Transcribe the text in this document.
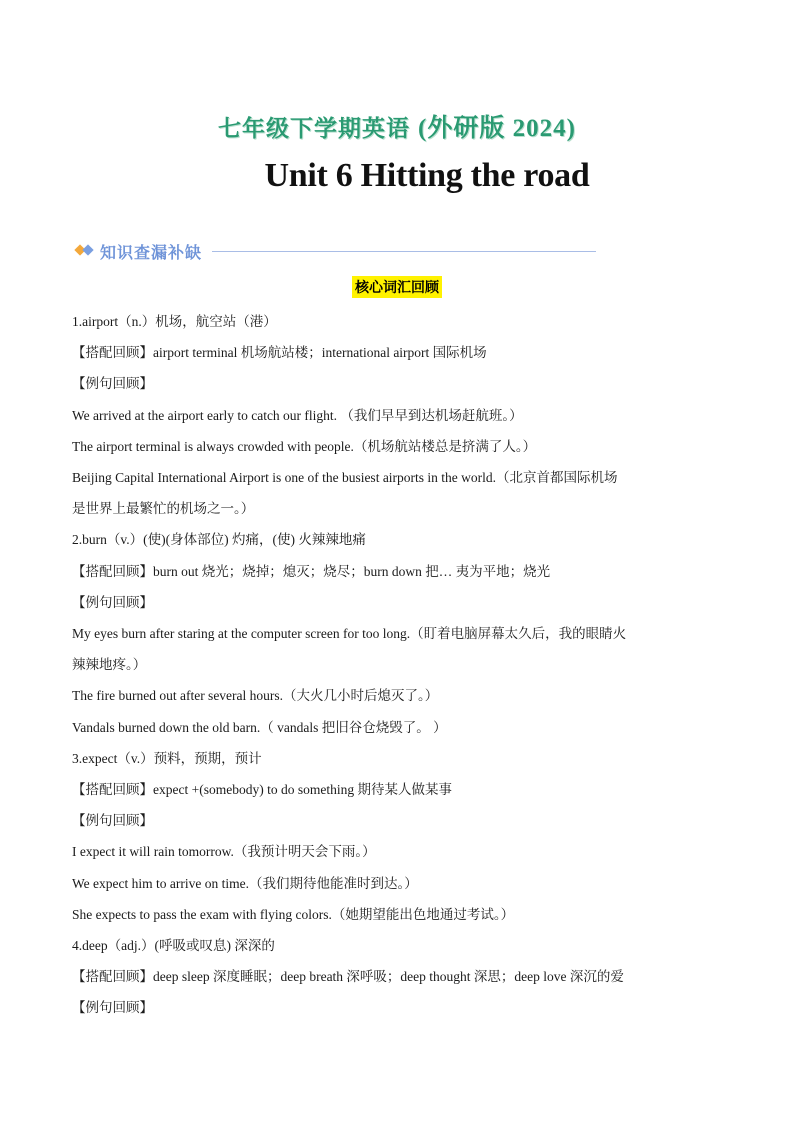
七年级下学期英语 (外研版 2024)
Unit 6 Hitting the road
知识查漏补缺
核心词汇回顾

1.airport（n.）机场，航空站（港）

【搭配回顾】airport terminal 机场航站楼；international airport 国际机场

【例句回顾】

We arrived at the airport early to catch our flight. （我们早早到达机场赶航班。）

The airport terminal is always crowded with people.（机场航站楼总是挤满了人。）

Beijing Capital International Airport is one of the busiest airports in the world.（北京首都国际机场

是世界上最繁忙的机场之一。）

2.burn（v.）(使)(身体部位) 灼痛，(使) 火辣辣地痛

【搭配回顾】burn out 烧光；烧掉；熄灭；烧尽；burn down 把… 夷为平地；烧光

【例句回顾】

My eyes burn after staring at the computer screen for too long.（盯着电脑屏幕太久后，我的眼睛火

辣辣地疼。）

The fire burned out after several hours.（大火几小时后熄灭了。）

Vandals burned down the old barn.（ vandals 把旧谷仓烧毁了。 ）

3.expect（v.）预料，预期，预计

【搭配回顾】expect +(somebody) to do something 期待某人做某事

【例句回顾】

I expect it will rain tomorrow.（我预计明天会下雨。）

We expect him to arrive on time.（我们期待他能准时到达。）

She expects to pass the exam with flying colors.（她期望能出色地通过考试。）

4.deep（adj.）(呼吸或叹息) 深深的

【搭配回顾】deep sleep 深度睡眠；deep breath 深呼吸；deep thought 深思；deep love 深沉的爱

【例句回顾】
